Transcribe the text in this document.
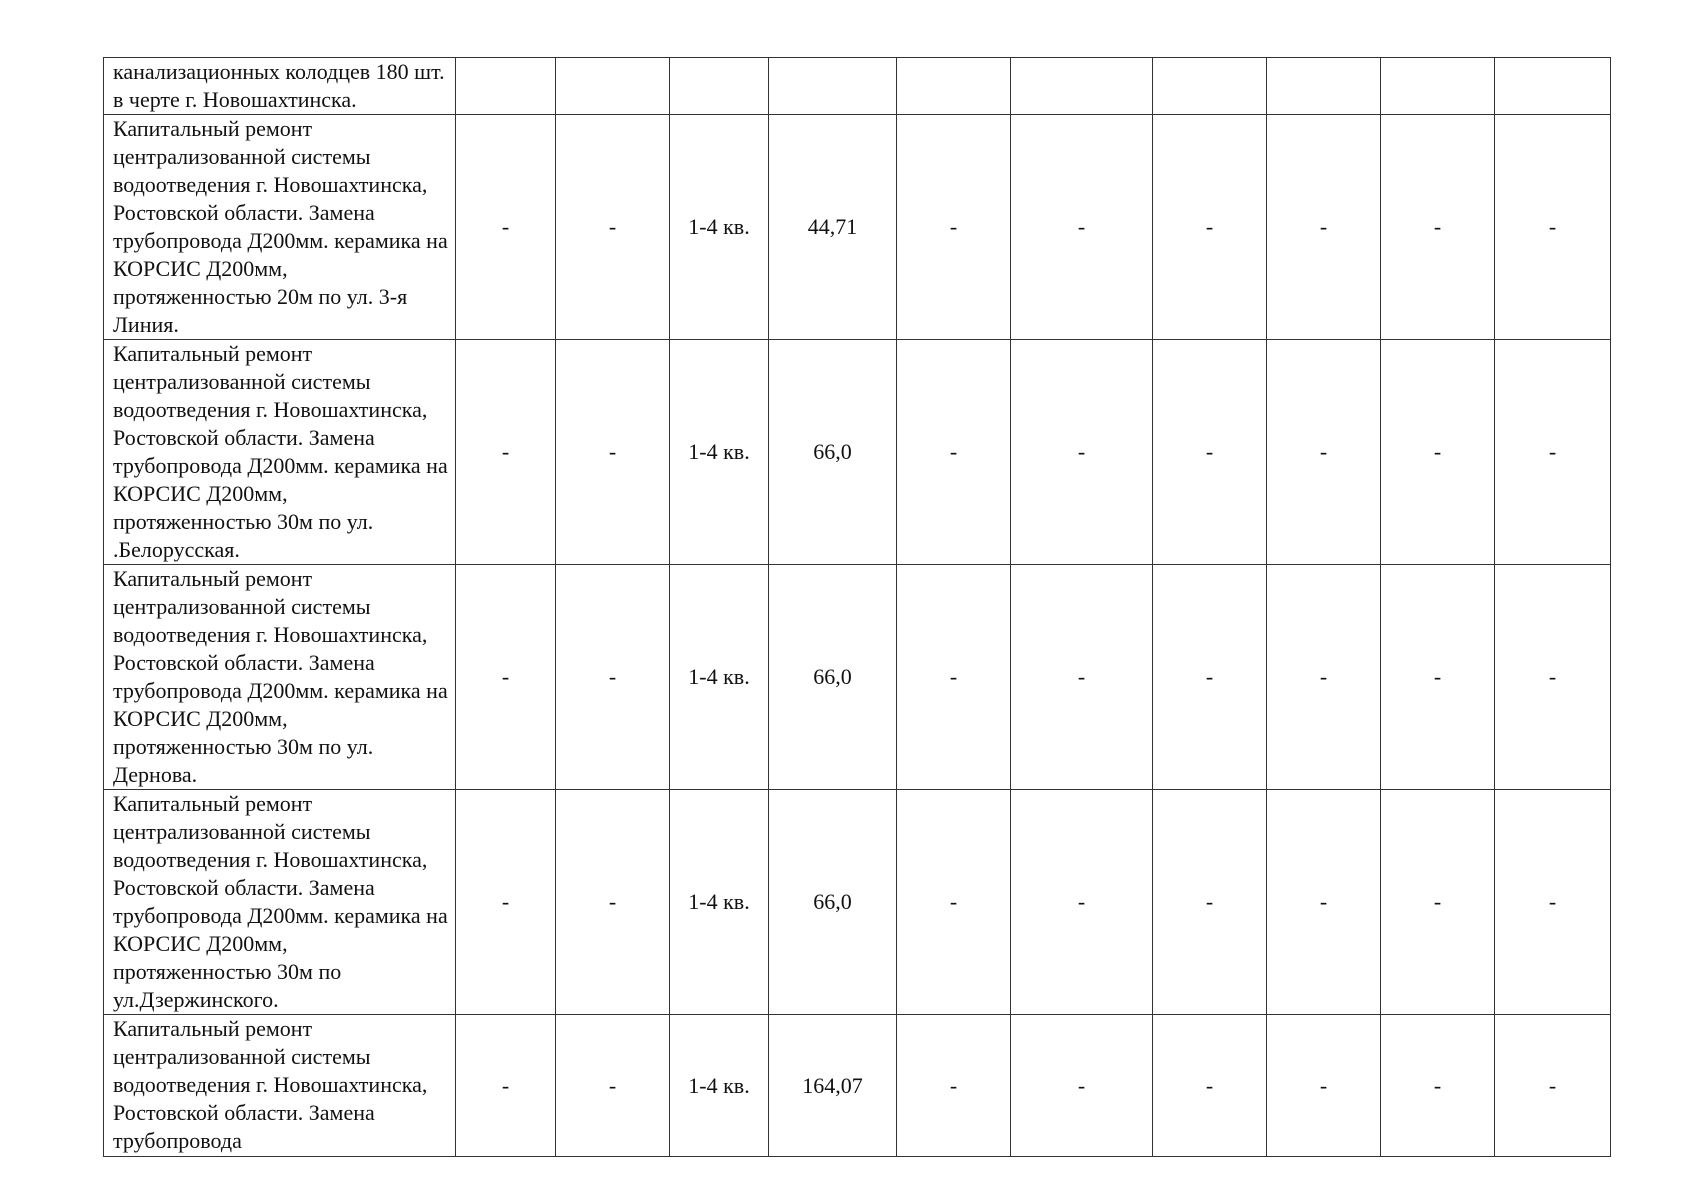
канализационных колодцев 180 шт. в черте г. Новошахтинска.										

Капитальный ремонт централизованной системы водоотведения г. Новошахтинска, Ростовской области. Замена трубопровода Д200мм. керамика на КОРСИС Д200мм, протяженностью 20м по ул. 3-я Линия.	-	-	1-4 кв.	44,71	-	-	-	-	-	-

Капитальный ремонт централизованной системы водоотведения г. Новошахтинска, Ростовской области. Замена трубопровода Д200мм. керамика на КОРСИС Д200мм, протяженностью 30м по ул. .Белорусская.	-	-	1-4 кв.	66,0	-	-	-	-	-	-

Капитальный ремонт централизованной системы водоотведения г. Новошахтинска, Ростовской области. Замена трубопровода Д200мм. керамика на КОРСИС Д200мм, протяженностью 30м по ул. Дернова.	-	-	1-4 кв.	66,0	-	-	-	-	-	-

Капитальный ремонт централизованной системы водоотведения г. Новошахтинска, Ростовской области. Замена трубопровода Д200мм. керамика на КОРСИС Д200мм, протяженностью 30м по ул.Дзержинского.	-	-	1-4 кв.	66,0	-	-	-	-	-	-

Капитальный ремонт централизованной системы водоотведения г. Новошахтинска, Ростовской области. Замена трубопровода	-	-	1-4 кв.	164,07	-	-	-	-	-	-
